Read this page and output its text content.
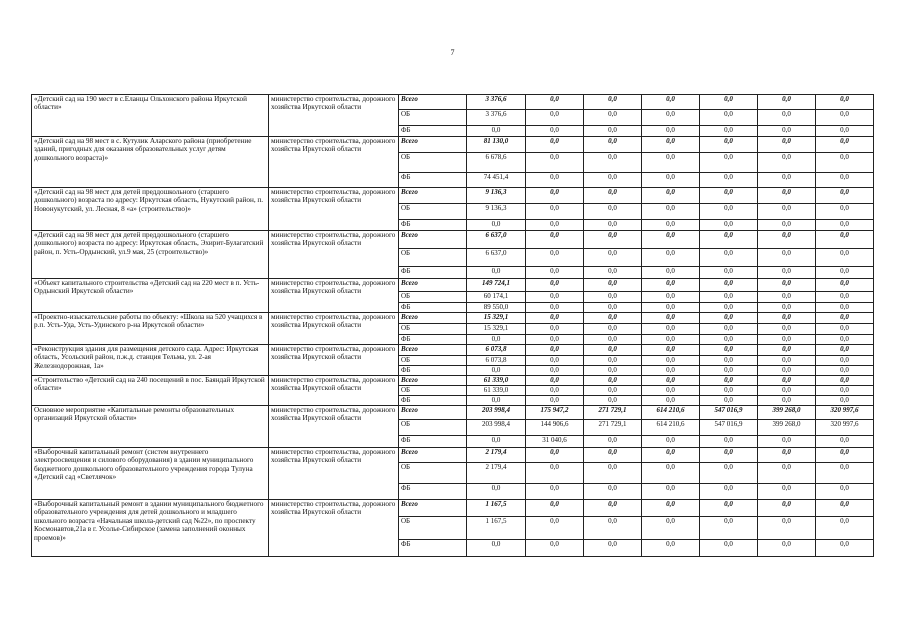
7
«Детский сад на 190 мест в с.Еланцы Ольхонского района Иркутской области»	министерство строительства, дорожного хозяйства Иркутской области	Всего	3 376,6	0,0	0,0	0,0	0,0	0,0	0,0
		ОБ	3 376,6	0,0	0,0	0,0	0,0	0,0	0,0
		ФБ	0,0	0,0	0,0	0,0	0,0	0,0	0,0
«Детский сад на 98 мест в с. Кутулик Аларского района (приобретение зданий, пригодных для оказания образовательных услуг детям дошкольного возраста)»	министерство строительства, дорожного хозяйства Иркутской области	Всего	81 130,0	0,0	0,0	0,0	0,0	0,0	0,0
		ОБ	6 678,6	0,0	0,0	0,0	0,0	0,0	0,0
		ФБ	74 451,4	0,0	0,0	0,0	0,0	0,0	0,0
«Детский сад на 98 мест для детей преддошкольного (старшего дошкольного) возраста по адресу: Иркутская область, Нукутский район, п. Новонукутский, ул. Лесная, 8 «а» (строительство)»	министерство строительства, дорожного хозяйства Иркутской области	Всего	9 136,3	0,0	0,0	0,0	0,0	0,0	0,0
		ОБ	9 136,3	0,0	0,0	0,0	0,0	0,0	0,0
		ФБ	0,0	0,0	0,0	0,0	0,0	0,0	0,0
«Детский сад на 98 мест для детей преддошкольного (старшего дошкольного) возраста по адресу: Иркутская область, Эхирит-Булагатский район, п. Усть-Ордынский, ул.9 мая, 25 (строительство)»	министерство строительства, дорожного хозяйства Иркутской области	Всего	6 637,0	0,0	0,0	0,0	0,0	0,0	0,0
		ОБ	6 637,0	0,0	0,0	0,0	0,0	0,0	0,0
		ФБ	0,0	0,0	0,0	0,0	0,0	0,0	0,0
«Объект капитального строительства «Детский сад на 220 мест в п. Усть-Ордынский Иркутской области»	министерство строительства, дорожного хозяйства Иркутской области	Всего	149 724,1	0,0	0,0	0,0	0,0	0,0	0,0
		ОБ	60 174,1	0,0	0,0	0,0	0,0	0,0	0,0
		ФБ	89 550,0	0,0	0,0	0,0	0,0	0,0	0,0
«Проектно-изыскательские работы по объекту: «Школа на 520 учащихся в р.п. Усть-Уда, Усть-Удинского р-на Иркутской области»	министерство строительства, дорожного хозяйства Иркутской области	Всего	15 329,1	0,0	0,0	0,0	0,0	0,0	0,0
		ОБ	15 329,1	0,0	0,0	0,0	0,0	0,0	0,0
		ФБ	0,0	0,0	0,0	0,0	0,0	0,0	0,0
«Реконструкция здания для размещения детского сада. Адрес: Иркутская область, Усольский район, п.ж.д. станция Тельма, ул. 2-ая Железнодорожная, 1а»	министерство строительства, дорожного хозяйства Иркутской области	Всего	6 073,8	0,0	0,0	0,0	0,0	0,0	0,0
		ОБ	6 073,8	0,0	0,0	0,0	0,0	0,0	0,0
		ФБ	0,0	0,0	0,0	0,0	0,0	0,0	0,0
«Строительство «Детский сад на 240 посещений в пос. Баяндай Иркутской области»	министерство строительства, дорожного хозяйства Иркутской области	Всего	61 339,0	0,0	0,0	0,0	0,0	0,0	0,0
		ОБ	61 339,0	0,0	0,0	0,0	0,0	0,0	0,0
		ФБ	0,0	0,0	0,0	0,0	0,0	0,0	0,0
Основное мероприятие «Капитальные ремонты образовательных организаций Иркутской области»	министерство строительства, дорожного хозяйства Иркутской области	Всего	203 998,4	175 947,2	271 729,1	614 210,6	547 016,9	399 268,0	320 997,6
		ОБ	203 998,4	144 906,6	271 729,1	614 210,6	547 016,9	399 268,0	320 997,6
		ФБ	0,0	31 040,6	0,0	0,0	0,0	0,0	0,0
«Выборочный капитальный ремонт (систем внутреннего электроосвещения и силового оборудования) в здании муниципального бюджетного дошкольного образовательного учреждения города Тулуна «Детский сад «Светлячок»	министерство строительства, дорожного хозяйства Иркутской области	Всего	2 179,4	0,0	0,0	0,0	0,0	0,0	0,0
		ОБ	2 179,4	0,0	0,0	0,0	0,0	0,0	0,0
		ФБ	0,0	0,0	0,0	0,0	0,0	0,0	0,0
«Выборочный капитальный ремонт в здании муниципального бюджетного образовательного учреждения для детей дошкольного и младшего школьного возраста «Начальная школа-детский сад №22», по проспекту Космонавтов,21а в г. Усолье-Сибирское (замена заполнений оконных проемов)»	министерство строительства, дорожного хозяйства Иркутской области	Всего	1 167,5	0,0	0,0	0,0	0,0	0,0	0,0
		ОБ	1 167,5	0,0	0,0	0,0	0,0	0,0	0,0
		ФБ	0,0	0,0	0,0	0,0	0,0	0,0	0,0
